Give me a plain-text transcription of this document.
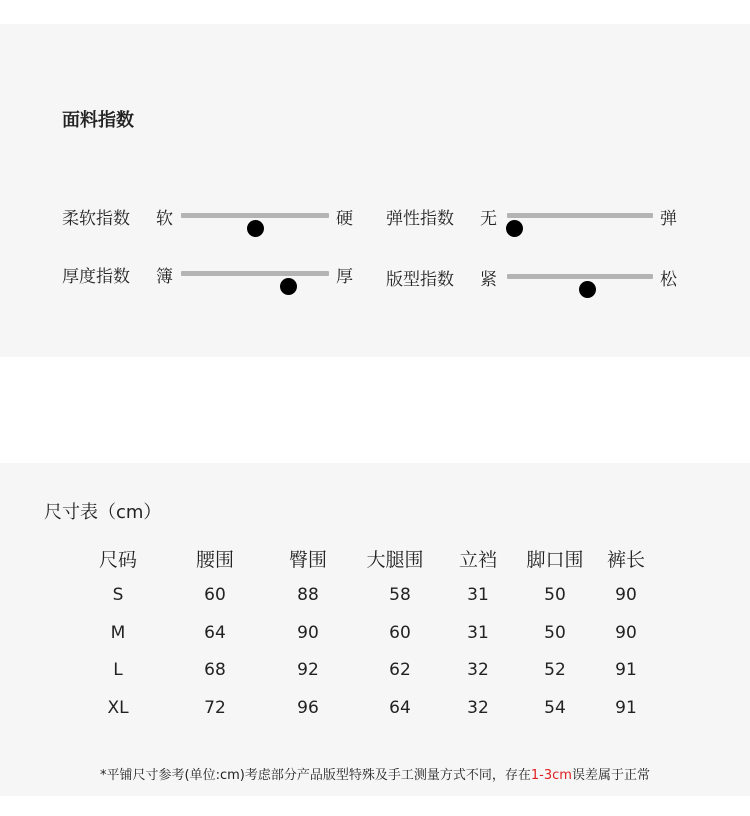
面料指数
柔软指数 软	硬 弹性指数 无	弹
厚度指数 簿	厚 版型指数 紧	松
尺寸表（cm）
尺码	腰围	臀围	大腿围	立裆	脚口围	裤长
S	60	88	58	31	50	90
M	64	90	60	31	50	90
L	68	92	62	32	52	91
XL	72	96	64	32	54	91
*平铺尺寸参考(单位:cm)考虑部分产品版型特殊及手工测量方式不同，存在1-3cm误差属于正常
